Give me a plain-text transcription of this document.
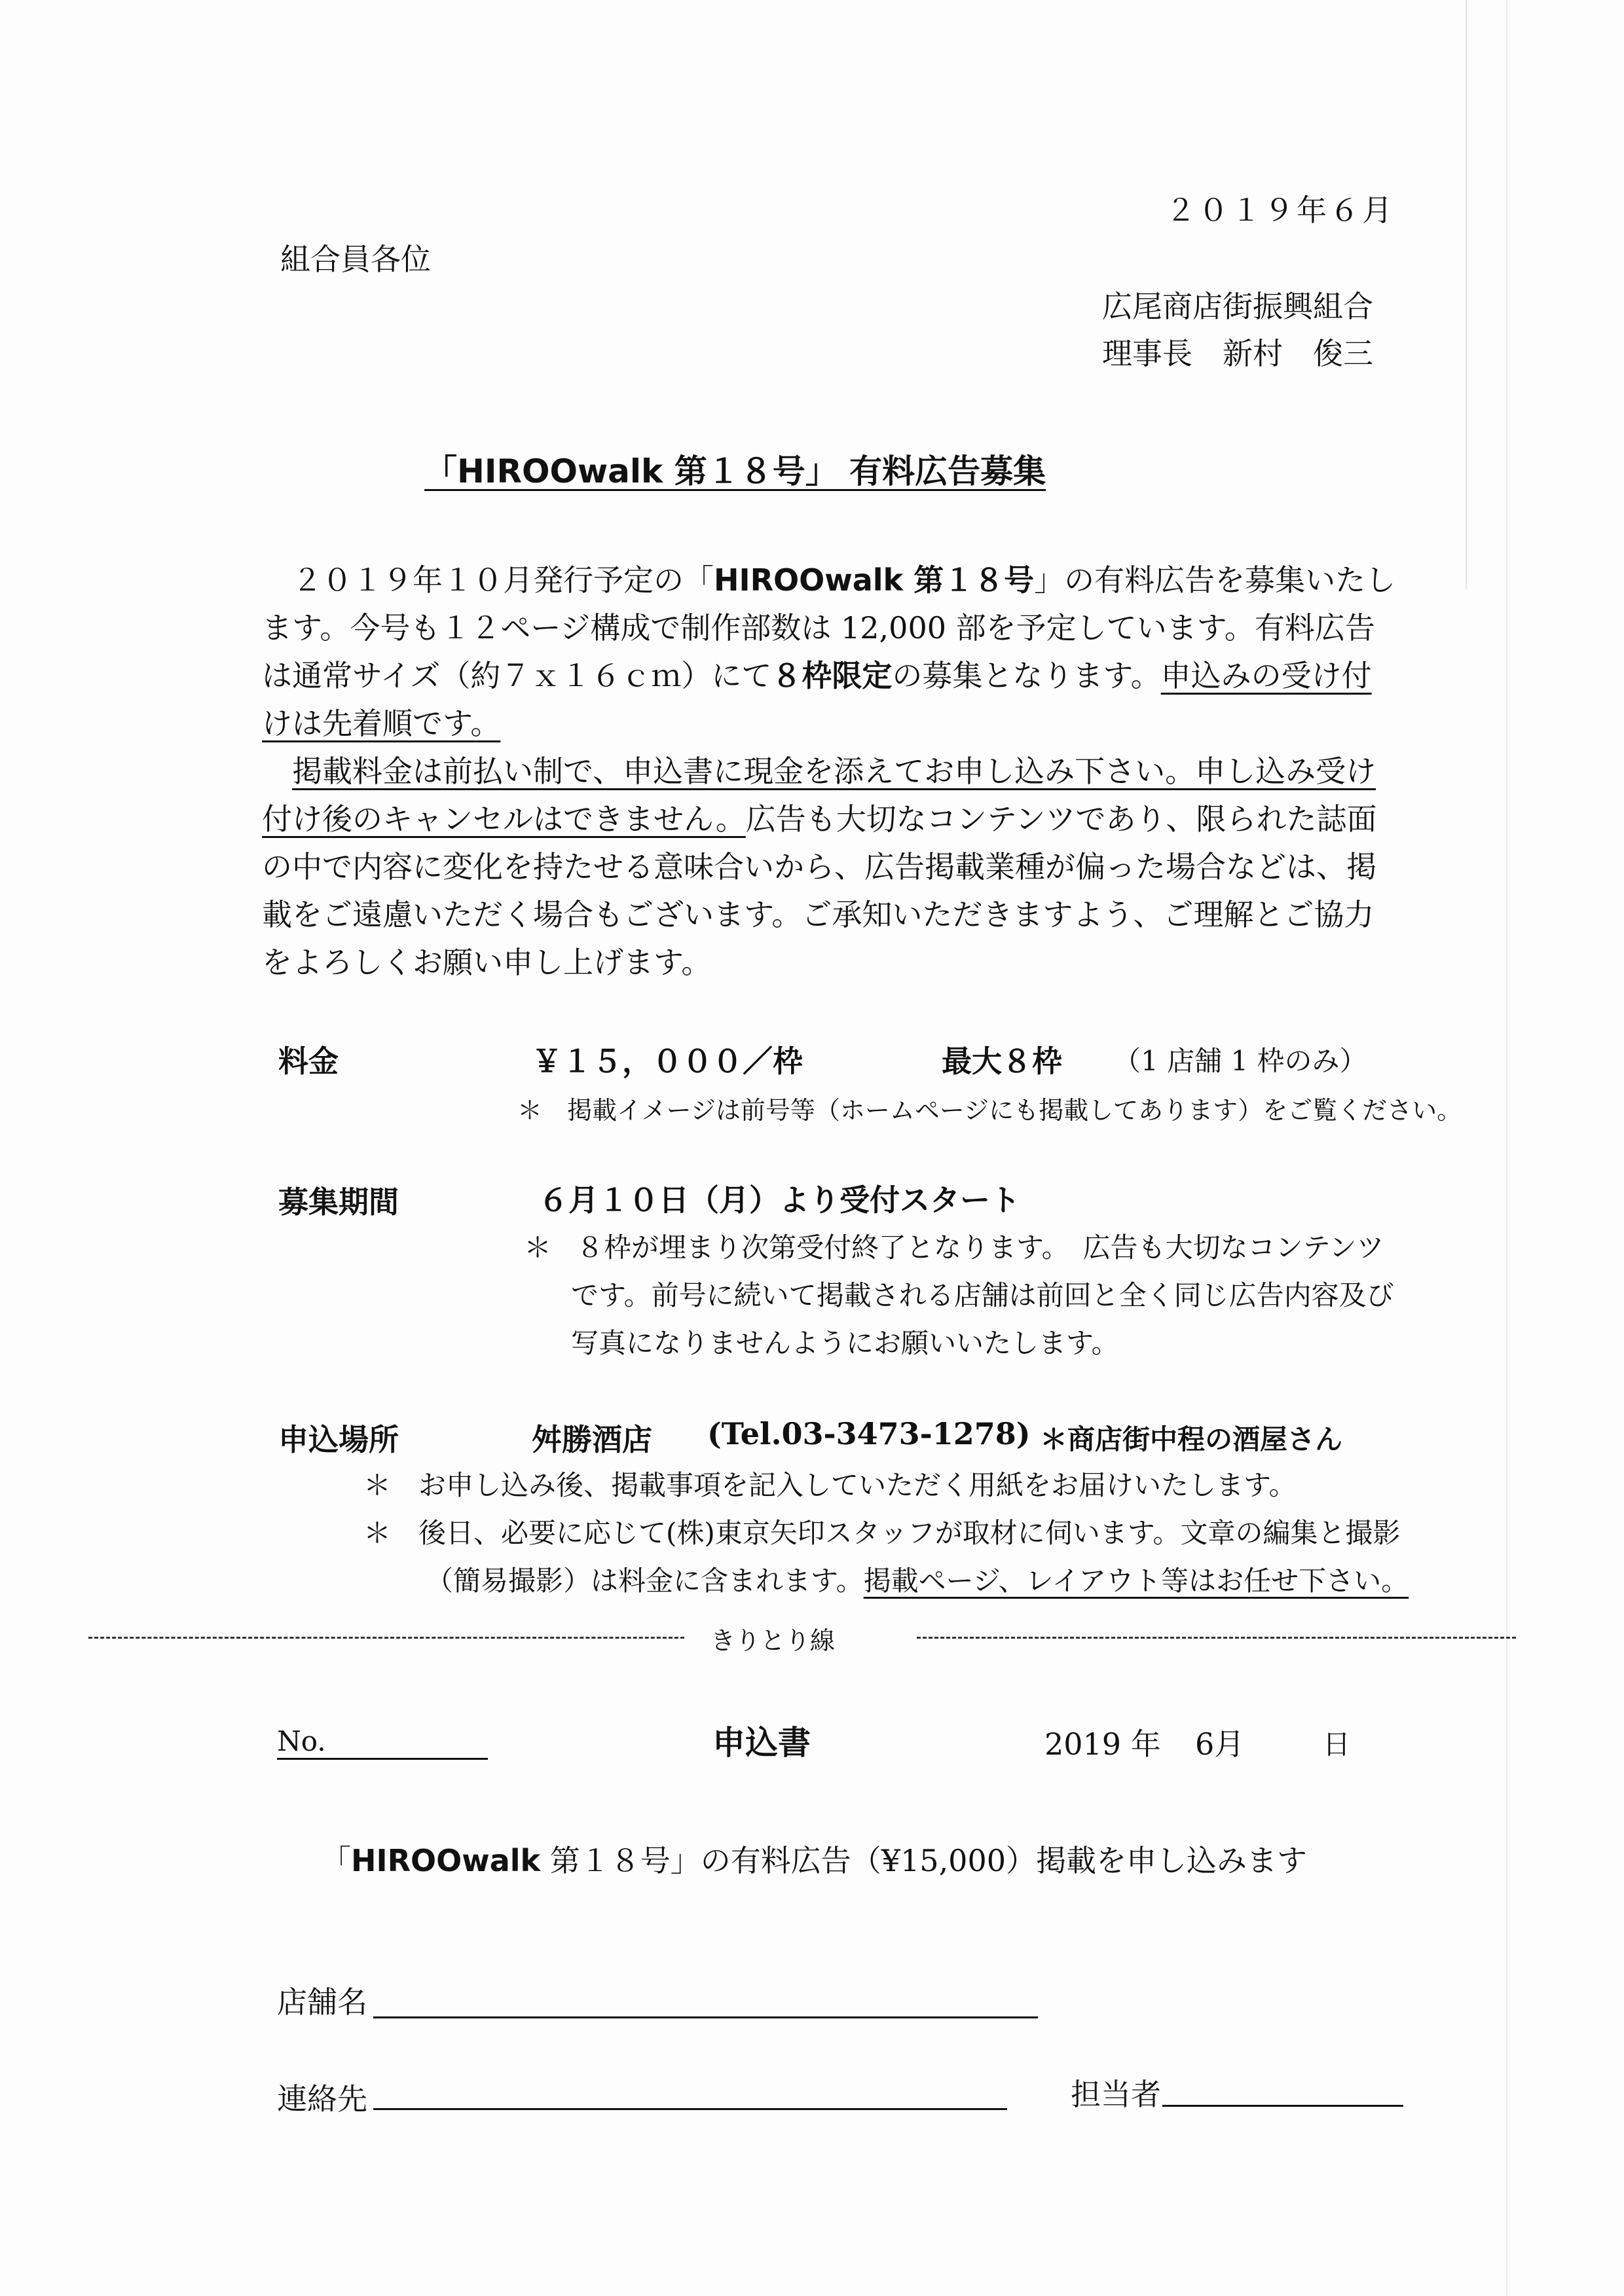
２０１９年６月
組合員各位
広尾商店街振興組合
理事長　新村　俊三
「HIROOwalk 第１８号」 有料広告募集
２０１９年１０月発行予定の「HIROOwalk 第１８号」の有料広告を募集いたします。今号も１２ページ構成で制作部数は 12,000 部を予定しています。有料広告は通常サイズ（約７ｘ１６ｃｍ）にて８枠限定の募集となります。申込みの受け付けは先着順です。
掲載料金は前払い制で、申込書に現金を添えてお申し込み下さい。申し込み受け付け後のキャンセルはできません。広告も大切なコンテンツであり、限られた誌面の中で内容に変化を持たせる意味合いから、広告掲載業種が偏った場合などは、掲載をご遠慮いただく場合もございます。ご承知いただきますよう、ご理解とご協力をよろしくお願い申し上げます。
料金	￥１５，０００／枠	最大８枠 （1 店舗 1 枠のみ）
＊　掲載イメージは前号等（ホームページにも掲載してあります）をご覧ください。
募集期間	６月１０日（月）より受付スタート
＊ ８枠が埋まり次第受付終了となります。　広告も大切なコンテンツ
です。前号に続いて掲載される店舗は前回と全く同じ広告内容及び
写真になりませんようにお願いいたします。
申込場所	舛勝酒店 (Tel.03-3473-1278) ＊商店街中程の酒屋さん
＊　お申し込み後、掲載事項を記入していただく用紙をお届けいたします。
＊　後日、必要に応じて(株)東京矢印スタッフが取材に伺います。文章の編集と撮影
（簡易撮影）は料金に含まれます。掲載ページ、レイアウト等はお任せ下さい。
きりとり線
No.	申込書	2019 年 6月	日
「HIROOwalk 第１８号」の有料広告（¥15,000）掲載を申し込みます
店舗名
連絡先	担当者
